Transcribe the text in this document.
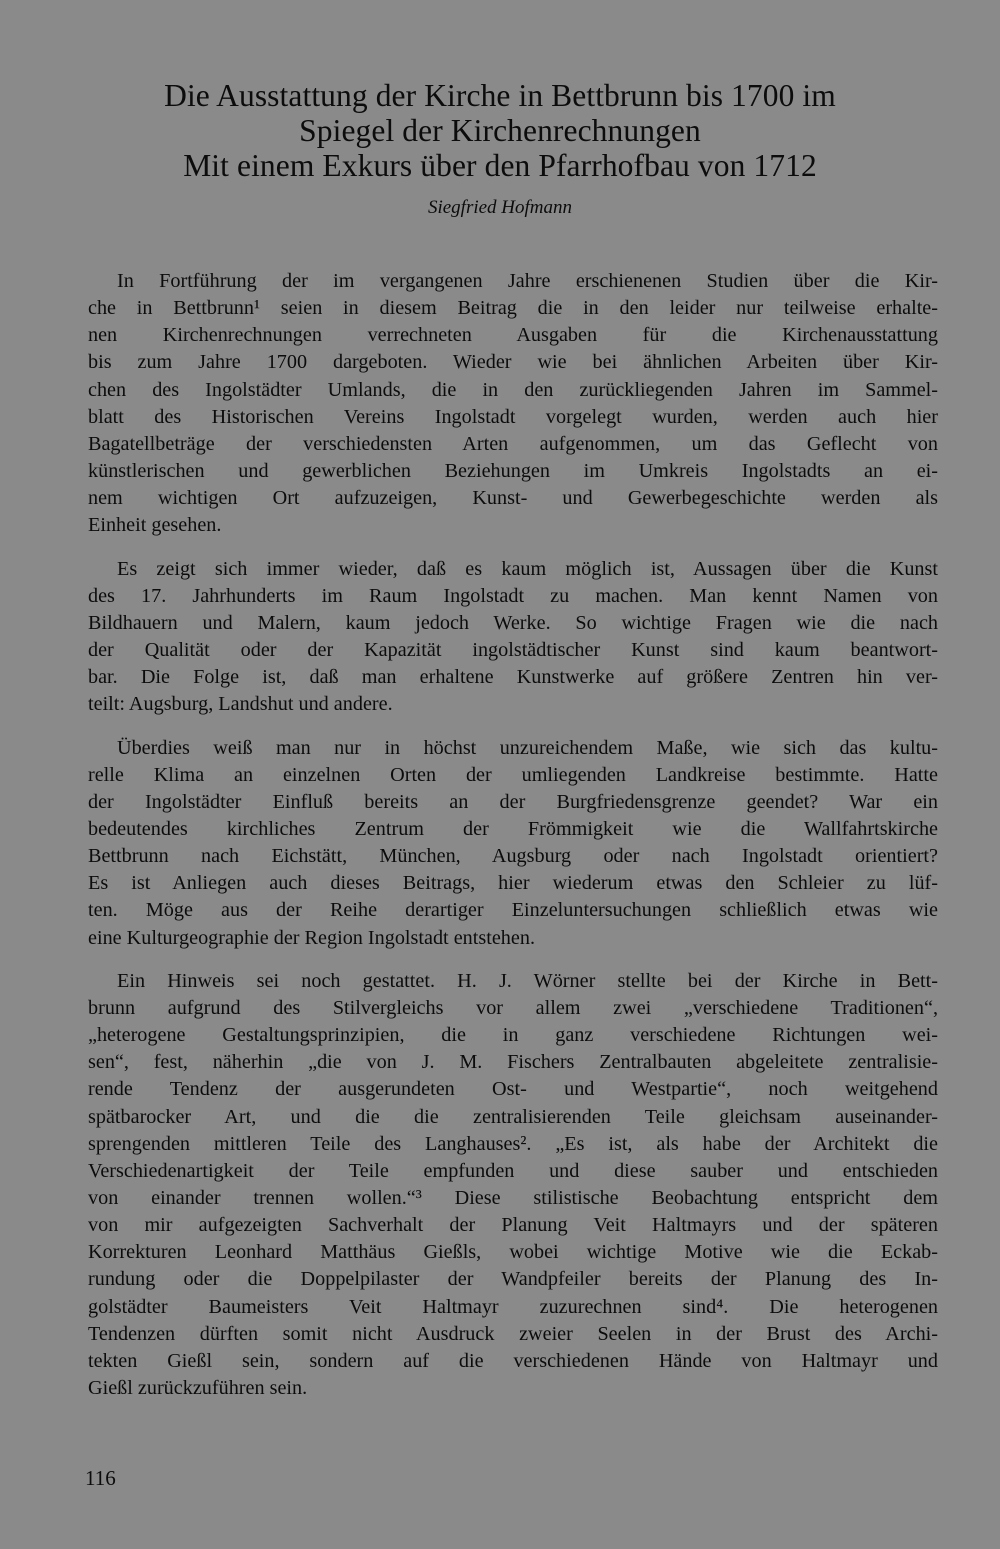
Die Ausstattung der Kirche in Bettbrunn bis 1700 im
Spiegel der Kirchenrechnungen
Mit einem Exkurs über den Pfarrhofbau von 1712
Siegfried Hofmann
In Fortführung der im vergangenen Jahre erschienenen Studien über die Kir-
che in Bettbrunn¹ seien in diesem Beitrag die in den leider nur teilweise erhalte-
nen Kirchenrechnungen verrechneten Ausgaben für die Kirchenausstattung
bis zum Jahre 1700 dargeboten. Wieder wie bei ähnlichen Arbeiten über Kir-
chen des Ingolstädter Umlands, die in den zurückliegenden Jahren im Sammel-
blatt des Historischen Vereins Ingolstadt vorgelegt wurden, werden auch hier
Bagatellbeträge der verschiedensten Arten aufgenommen, um das Geflecht von
künstlerischen und gewerblichen Beziehungen im Umkreis Ingolstadts an ei-
nem wichtigen Ort aufzuzeigen, Kunst- und Gewerbegeschichte werden als
Einheit gesehen.
Es zeigt sich immer wieder, daß es kaum möglich ist, Aussagen über die Kunst
des 17. Jahrhunderts im Raum Ingolstadt zu machen. Man kennt Namen von
Bildhauern und Malern, kaum jedoch Werke. So wichtige Fragen wie die nach
der Qualität oder der Kapazität ingolstädtischer Kunst sind kaum beantwort-
bar. Die Folge ist, daß man erhaltene Kunstwerke auf größere Zentren hin ver-
teilt: Augsburg, Landshut und andere.
Überdies weiß man nur in höchst unzureichendem Maße, wie sich das kultu-
relle Klima an einzelnen Orten der umliegenden Landkreise bestimmte. Hatte
der Ingolstädter Einfluß bereits an der Burgfriedensgrenze geendet? War ein
bedeutendes kirchliches Zentrum der Frömmigkeit wie die Wallfahrtskirche
Bettbrunn nach Eichstätt, München, Augsburg oder nach Ingolstadt orientiert?
Es ist Anliegen auch dieses Beitrags, hier wiederum etwas den Schleier zu lüf-
ten. Möge aus der Reihe derartiger Einzeluntersuchungen schließlich etwas wie
eine Kulturgeographie der Region Ingolstadt entstehen.
Ein Hinweis sei noch gestattet. H. J. Wörner stellte bei der Kirche in Bett-
brunn aufgrund des Stilvergleichs vor allem zwei „verschiedene Traditionen“,
„heterogene Gestaltungsprinzipien, die in ganz verschiedene Richtungen wei-
sen“, fest, näherhin „die von J. M. Fischers Zentralbauten abgeleitete zentralisie-
rende Tendenz der ausgerundeten Ost- und Westpartie“, noch weitgehend
spätbarocker Art, und die die zentralisierenden Teile gleichsam auseinander-
sprengenden mittleren Teile des Langhauses². „Es ist, als habe der Architekt die
Verschiedenartigkeit der Teile empfunden und diese sauber und entschieden
von einander trennen wollen.“³ Diese stilistische Beobachtung entspricht dem
von mir aufgezeigten Sachverhalt der Planung Veit Haltmayrs und der späteren
Korrekturen Leonhard Matthäus Gießls, wobei wichtige Motive wie die Eckab-
rundung oder die Doppelpilaster der Wandpfeiler bereits der Planung des In-
golstädter Baumeisters Veit Haltmayr zuzurechnen sind⁴. Die heterogenen
Tendenzen dürften somit nicht Ausdruck zweier Seelen in der Brust des Archi-
tekten Gießl sein, sondern auf die verschiedenen Hände von Haltmayr und
Gießl zurückzuführen sein.
116
